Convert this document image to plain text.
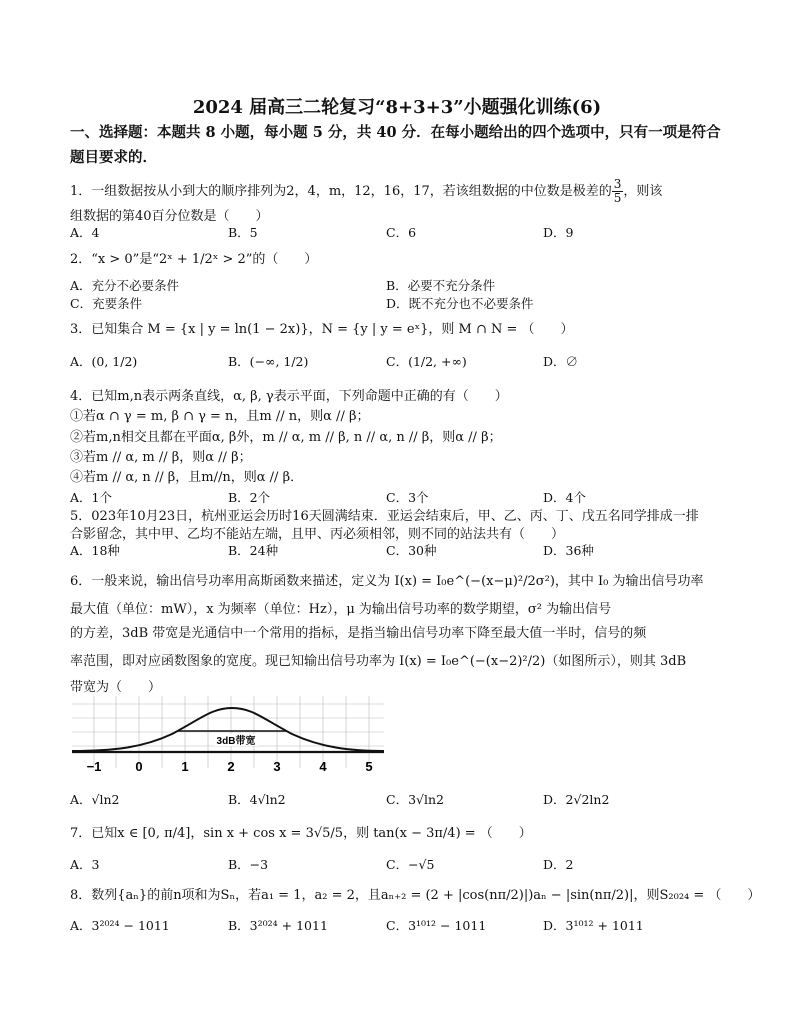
2024 届高三二轮复习“8+3+3”小题强化训练(6)
一、选择题：本题共 8 小题，每小题 5 分，共 40 分．在每小题给出的四个选项中，只有一项是符合题目要求的．
1．一组数据按从小到大的顺序排列为2，4，m，12，16，17，若该组数据的中位数是极差的 $\frac{3}{5}$ ，则该
组数据的第40百分位数是（　　）
A．4	B．5	C．6	D．9
2．“x > 0”是“2ˣ + 1/2ˣ > 2”的（　　）
A．充分不必要条件	B．必要不充分条件
C．充要条件	D．既不充分也不必要条件
3．已知集合 M = {x | y = ln(1 − 2x)}，N = {y | y = eˣ}，则 M ∩ N = （　　）
A．(0, 1/2)	B．(−∞, 1/2)	C．(1/2, +∞)	D．∅
4．已知m,n表示两条直线，α, β, γ表示平面，下列命题中正确的有（　　）
①若α ∩ γ = m, β ∩ γ = n，且m // n，则α // β；
②若m,n相交且都在平面α, β外，m // α, m // β, n // α, n // β，则α // β；
③若m // α, m // β，则α // β；
④若m // α, n // β，且m//n，则α // β．
A．1个	B．2个	C．3个	D．4个
5．023年10月23日，杭州亚运会历时16天圆满结束．亚运会结束后，甲、乙、丙、丁、戊五名同学排成一排
合影留念，其中甲、乙均不能站左端，且甲、丙必须相邻，则不同的站法共有（　　）
A．18种	B．24种	C．30种	D．36种
6．一般来说，输出信号功率用高斯函数来描述，定义为 I(x) = I₀e^(−(x−μ)²/2σ²)，其中 I₀ 为输出信号功率
最大值（单位：mW），x 为频率（单位：Hz），μ 为输出信号功率的数学期望，σ² 为输出信号
的方差，3dB 带宽是光通信中一个常用的指标，是指当输出信号功率下降至最大值一半时，信号的频
率范围，即对应函数图象的宽度。现已知输出信号功率为 I(x) = I₀e^(−(x−2)²/2)（如图所示），则其 3dB
带宽为（　　）
3dB带宽
−1	0	1	2	3	4	5
A．√ln2	B．4√ln2	C．3√ln2	D．2√2ln2
7．已知x ∈ [0, π/4]，sin x + cos x = 3√5/5，则 tan(x − 3π/4) = （　　）
A．3	B．−3	C．−√5	D．2
8．数列{aₙ}的前n项和为Sₙ，若a₁ = 1，a₂ = 2，且aₙ₊₂ = (2 + |cos(nπ/2)|)aₙ − |sin(nπ/2)|，则S₂₀₂₄ = （　　）
A．3²⁰²⁴ − 1011	B．3²⁰²⁴ + 1011	C．3¹⁰¹² − 1011	D．3¹⁰¹² + 1011
